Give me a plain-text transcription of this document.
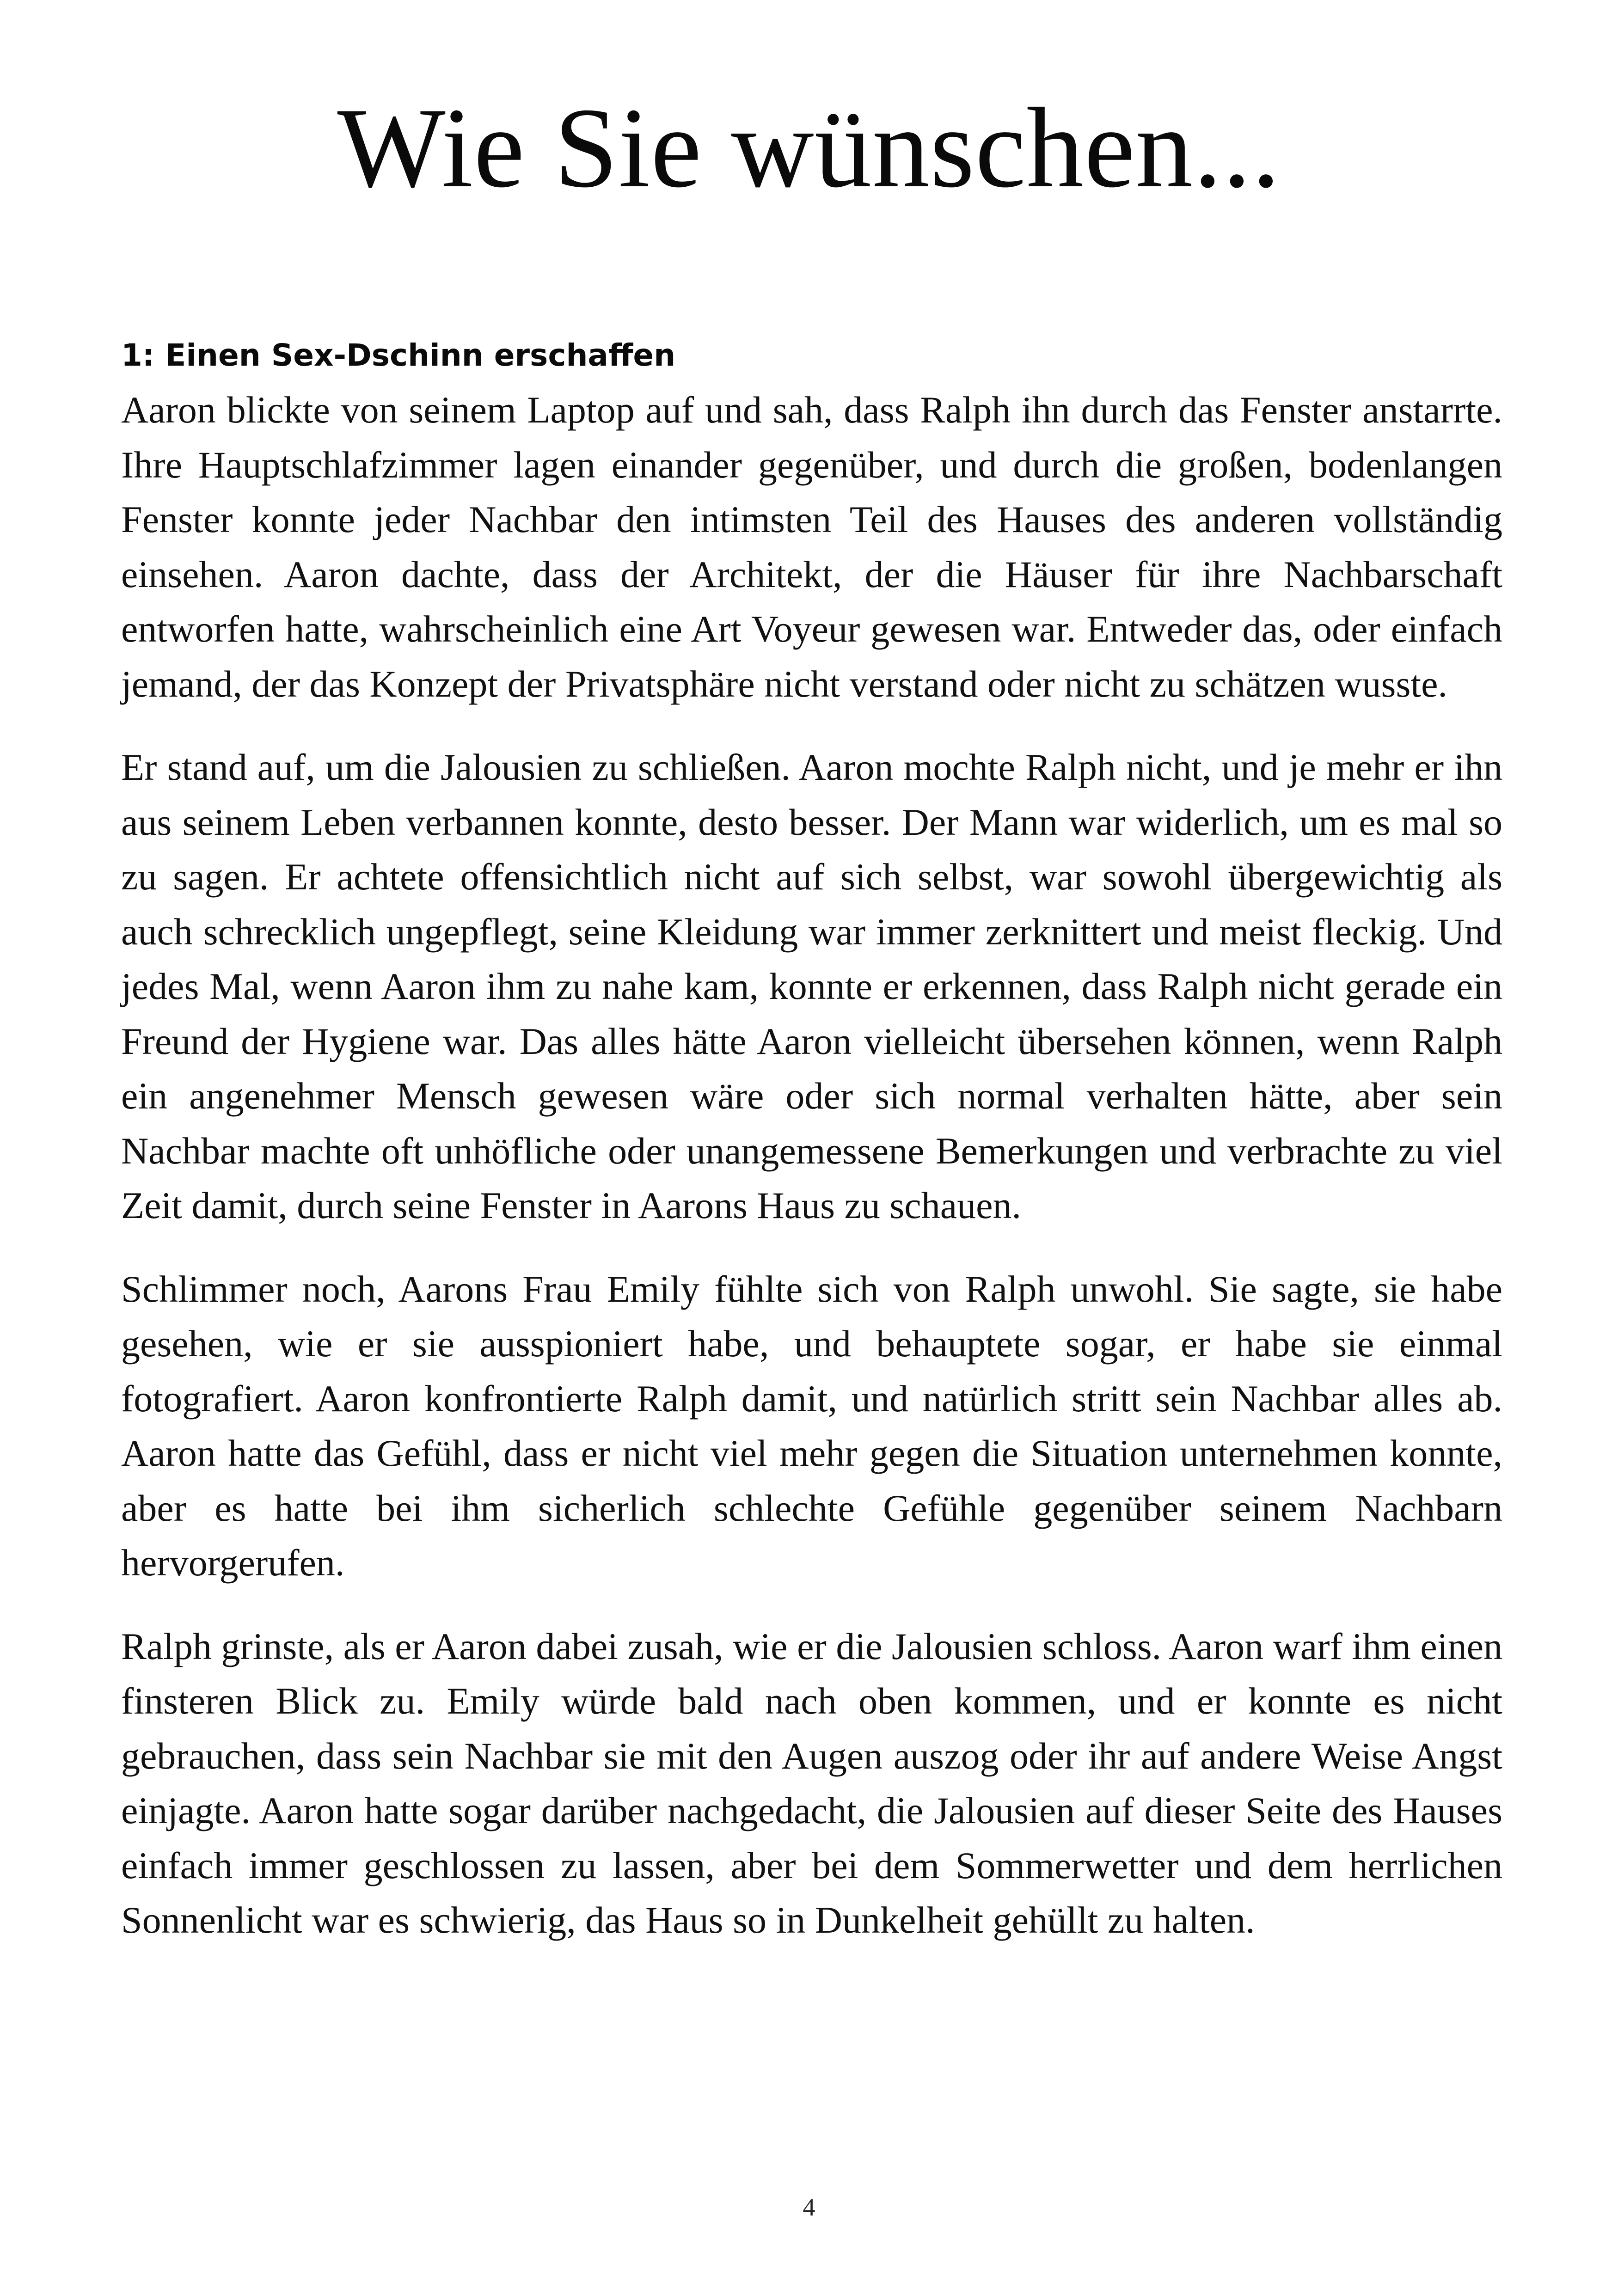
Wie Sie wünschen...
1: Einen Sex-Dschinn erschaffen

Aaron blickte von seinem Laptop auf und sah, dass Ralph ihn durch das Fenster anstarrte. Ihre Hauptschlafzimmer lagen einander gegenüber, und durch die großen, bodenlangen Fenster konnte jeder Nachbar den intimsten Teil des Hauses des anderen vollständig einsehen. Aaron dachte, dass der Architekt, der die Häuser für ihre Nachbarschaft entworfen hatte, wahrscheinlich eine Art Voyeur gewesen war. Entweder das, oder einfach jemand, der das Konzept der Privatsphäre nicht verstand oder nicht zu schätzen wusste.

Er stand auf, um die Jalousien zu schließen. Aaron mochte Ralph nicht, und je mehr er ihn aus seinem Leben verbannen konnte, desto besser. Der Mann war widerlich, um es mal so zu sagen. Er achtete offensichtlich nicht auf sich selbst, war sowohl übergewichtig als auch schrecklich ungepflegt, seine Kleidung war immer zerknittert und meist fleckig. Und jedes Mal, wenn Aaron ihm zu nahe kam, konnte er erkennen, dass Ralph nicht gerade ein Freund der Hygiene war. Das alles hätte Aaron vielleicht übersehen können, wenn Ralph ein angenehmer Mensch gewesen wäre oder sich normal verhalten hätte, aber sein Nachbar machte oft unhöfliche oder unangemessene Bemerkungen und verbrachte zu viel Zeit damit, durch seine Fenster in Aarons Haus zu schauen.

Schlimmer noch, Aarons Frau Emily fühlte sich von Ralph unwohl. Sie sagte, sie habe gesehen, wie er sie ausspioniert habe, und behauptete sogar, er habe sie einmal fotografiert. Aaron konfrontierte Ralph damit, und natürlich stritt sein Nachbar alles ab. Aaron hatte das Gefühl, dass er nicht viel mehr gegen die Situation unternehmen konnte, aber es hatte bei ihm sicherlich schlechte Gefühle gegenüber seinem Nachbarn hervorgerufen.

Ralph grinste, als er Aaron dabei zusah, wie er die Jalousien schloss. Aaron warf ihm einen finsteren Blick zu. Emily würde bald nach oben kommen, und er konnte es nicht gebrauchen, dass sein Nachbar sie mit den Augen auszog oder ihr auf andere Weise Angst einjagte. Aaron hatte sogar darüber nachgedacht, die Jalousien auf dieser Seite des Hauses einfach immer geschlossen zu lassen, aber bei dem Sommerwetter und dem herrlichen Sonnenlicht war es schwierig, das Haus so in Dunkelheit gehüllt zu halten.

4
